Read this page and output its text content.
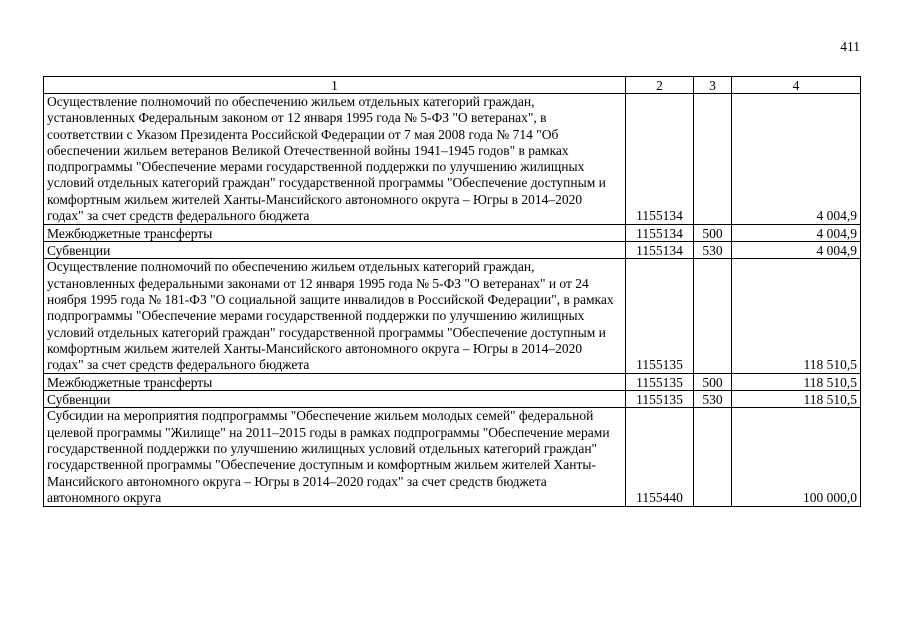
411
1	2	3	4
Осуществление полномочий по обеспечению жильем отдельных категорий граждан, установленных Федеральным законом от 12 января 1995 года № 5-ФЗ "О ветеранах", в соответствии с Указом Президента Российской Федерации от 7 мая 2008 года № 714 "Об обеспечении жильем ветеранов Великой Отечественной войны 1941–1945 годов" в рамках подпрограммы "Обеспечение мерами государственной поддержки по улучшению жилищных условий отдельных категорий граждан" государственной программы "Обеспечение доступным и комфортным жильем жителей Ханты-Мансийского автономного округа – Югры в 2014–2020 годах" за счет средств федерального бюджета	1155134		4 004,9
Межбюджетные трансферты	1155134	500	4 004,9
Субвенции	1155134	530	4 004,9
Осуществление полномочий по обеспечению жильем отдельных категорий граждан, установленных федеральными законами от 12 января 1995 года № 5-ФЗ "О ветеранах" и от 24 ноября 1995 года № 181-ФЗ "О социальной защите инвалидов в Российской Федерации", в рамках подпрограммы "Обеспечение мерами государственной поддержки по улучшению жилищных условий отдельных категорий граждан" государственной программы "Обеспечение доступным и комфортным жильем жителей Ханты-Мансийского автономного округа – Югры в 2014–2020 годах" за счет средств федерального бюджета	1155135		118 510,5
Межбюджетные трансферты	1155135	500	118 510,5
Субвенции	1155135	530	118 510,5
Субсидии на мероприятия подпрограммы "Обеспечение жильем молодых семей" федеральной целевой программы "Жилище" на 2011–2015 годы в рамках подпрограммы "Обеспечение мерами государственной поддержки по улучшению жилищных условий отдельных категорий граждан" государственной программы "Обеспечение доступным и комфортным жильем жителей Ханты-Мансийского автономного округа – Югры в 2014–2020 годах" за счет средств бюджета автономного округа	1155440		100 000,0
